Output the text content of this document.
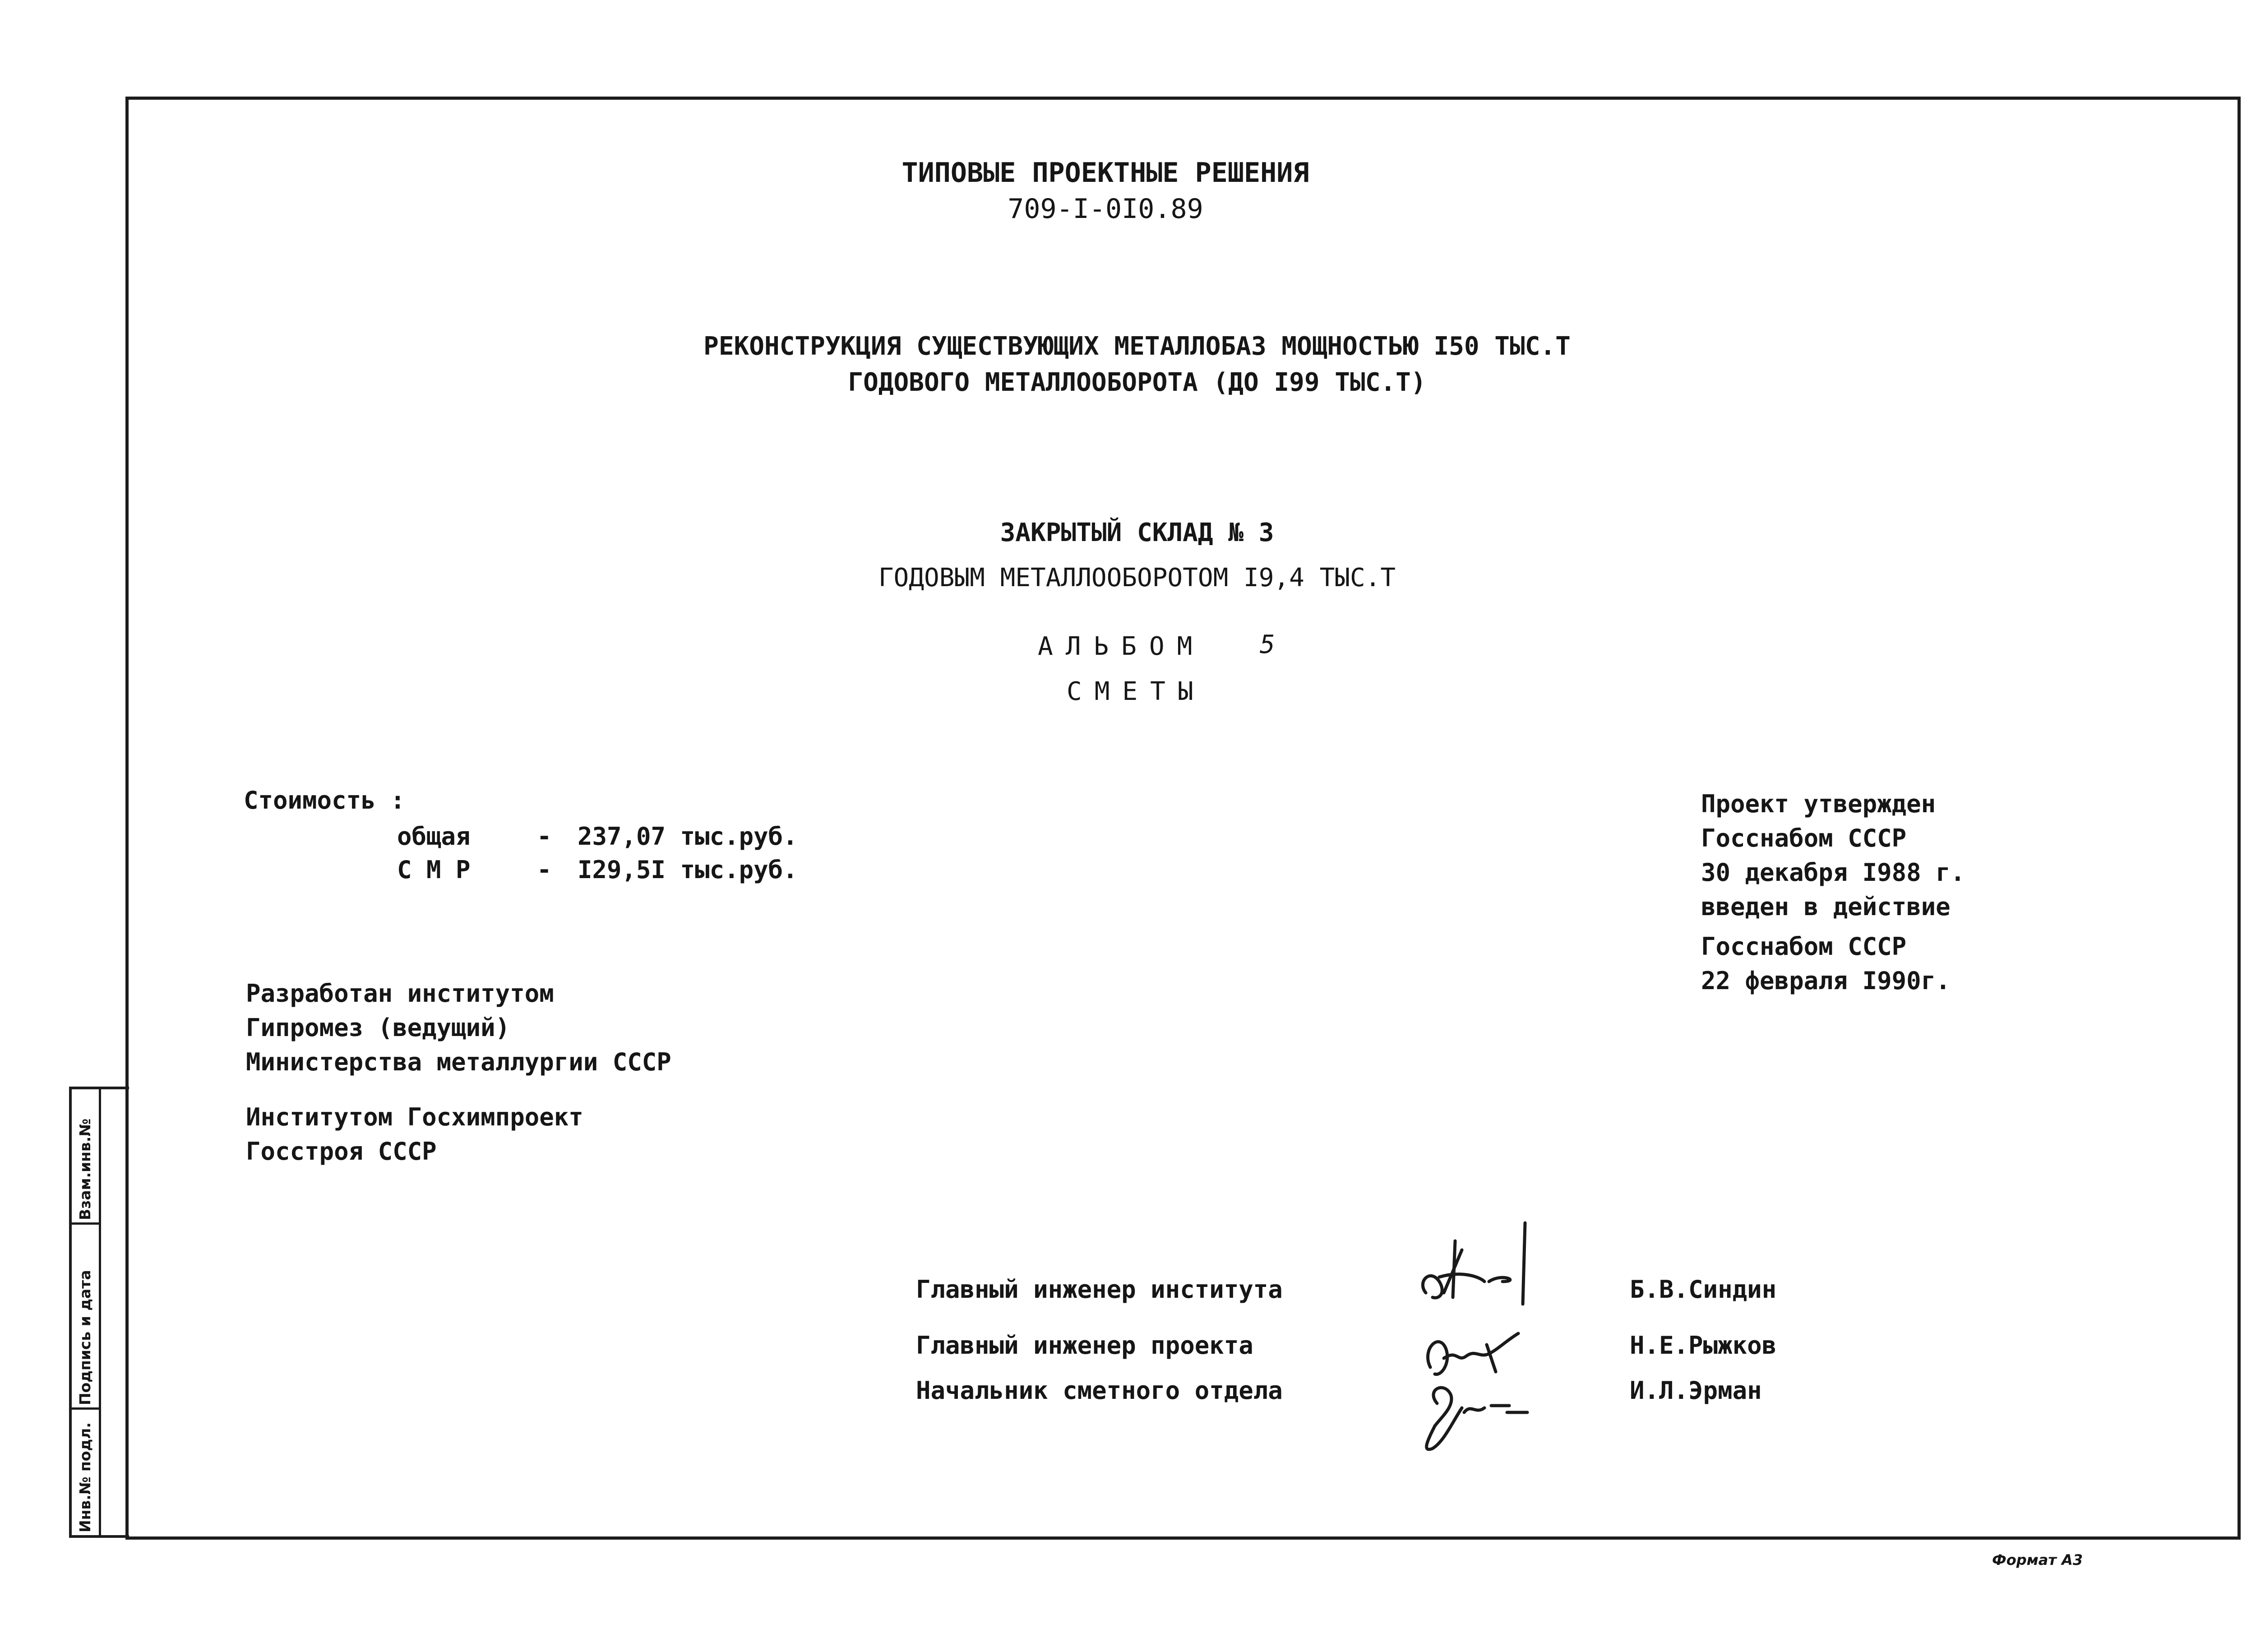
Взам.инв.№
Подпись и дата
Инв.№ подл.
ТИПОВЫЕ ПРОЕКТНЫЕ РЕШЕНИЯ
709-I-0I0.89
РЕКОНСТРУКЦИЯ СУЩЕСТВУЮЩИХ МЕТАЛЛОБАЗ МОЩНОСТЬЮ I50 ТЫС.Т
ГОДОВОГО МЕТАЛЛООБОРОТА (ДО I99 ТЫС.Т)
ЗАКРЫТЫЙ СКЛАД № 3
ГОДОВЫМ МЕТАЛЛООБОРОТОМ I9,4 ТЫС.Т
АЛЬБОМ 5
СМЕТЫ
Стоимость :
общая	- 237,07 тыс.руб.
С М Р	- I29,5I тыс.руб.
Проект утвержден
Госснабом СССР
30 декабря I988 г.
введен в действие
Госснабом СССР
22 февраля I990г.
Разработан институтом
Гипромез (ведущий)
Министерства металлургии СССР
Институтом Госхимпроект
Госстроя СССР
Главный инженер института
Главный инженер проекта
Начальник сметного отдела
Б.В.Синдин
Н.Е.Рыжков
И.Л.Эрман
Формат А3
